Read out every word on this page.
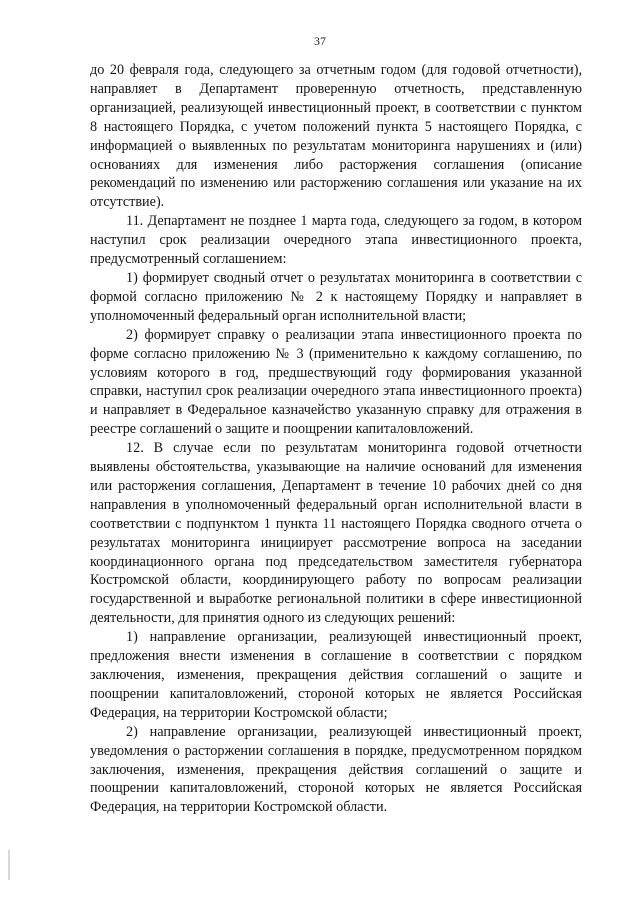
37

до 20 февраля года, следующего за отчетным годом (для годовой отчетности), направляет в Департамент проверенную отчетность, представленную организацией, реализующей инвестиционный проект, в соответствии с пунктом 8 настоящего Порядка, с учетом положений пункта 5 настоящего Порядка, с информацией о выявленных по результатам мониторинга нарушениях и (или) основаниях для изменения либо расторжения соглашения (описание рекомендаций по изменению или расторжению соглашения или указание на их отсутствие).

11. Департамент не позднее 1 марта года, следующего за годом, в котором наступил срок реализации очередного этапа инвестиционного проекта, предусмотренный соглашением:

1) формирует сводный отчет о результатах мониторинга в соответствии с формой согласно приложению № 2 к настоящему Порядку и направляет в уполномоченный федеральный орган исполнительной власти;

2) формирует справку о реализации этапа инвестиционного проекта по форме согласно приложению № 3 (применительно к каждому соглашению, по условиям которого в год, предшествующий году формирования указанной справки, наступил срок реализации очередного этапа инвестиционного проекта) и направляет в Федеральное казначейство указанную справку для отражения в реестре соглашений о защите и поощрении капиталовложений.

12. В случае если по результатам мониторинга годовой отчетности выявлены обстоятельства, указывающие на наличие оснований для изменения или расторжения соглашения, Департамент в течение 10 рабочих дней со дня направления в уполномоченный федеральный орган исполнительной власти в соответствии с подпунктом 1 пункта 11 настоящего Порядка сводного отчета о результатах мониторинга инициирует рассмотрение вопроса на заседании координационного органа под председательством заместителя губернатора Костромской области, координирующего работу по вопросам реализации государственной и выработке региональной политики в сфере инвестиционной деятельности, для принятия одного из следующих решений:

1) направление организации, реализующей инвестиционный проект, предложения внести изменения в соглашение в соответствии с порядком заключения, изменения, прекращения действия соглашений о защите и поощрении капиталовложений, стороной которых не является Российская Федерация, на территории Костромской области;

2) направление организации, реализующей инвестиционный проект, уведомления о расторжении соглашения в порядке, предусмотренном порядком заключения, изменения, прекращения действия соглашений о защите и поощрении капиталовложений, стороной которых не является Российская Федерация, на территории Костромской области.
